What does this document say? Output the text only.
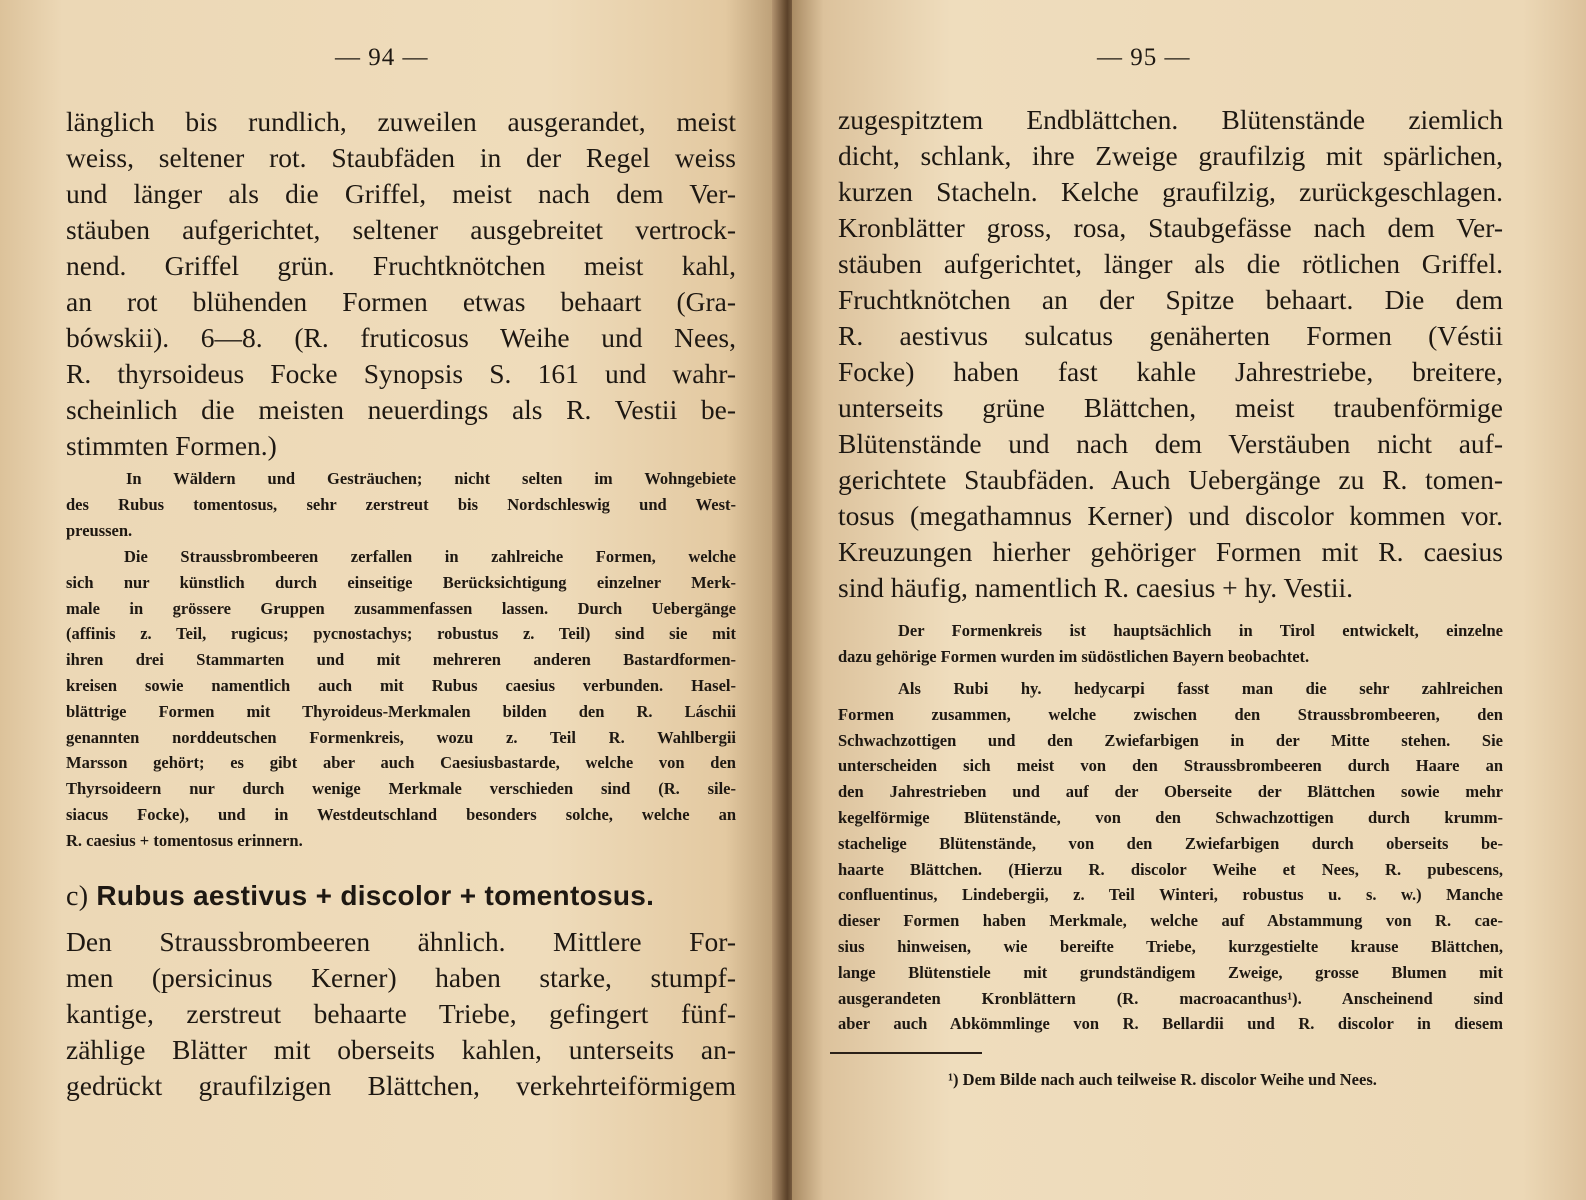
— 94 —
länglich bis rundlich, zuweilen ausgerandet, meist
weiss, seltener rot. Staubfäden in der Regel weiss
und länger als die Griffel, meist nach dem Ver-
stäuben aufgerichtet, seltener ausgebreitet vertrock-
nend. Griffel grün. Fruchtknötchen meist kahl,
an rot blühenden Formen etwas behaart (Gra-
bówskii). 6—8. (R. fruticosus Weihe und Nees,
R. thyrsoideus Focke Synopsis S. 161 und wahr-
scheinlich die meisten neuerdings als R. Vestii be-
stimmten Formen.)
In Wäldern und Gesträuchen; nicht selten im Wohngebiete
des Rubus tomentosus, sehr zerstreut bis Nordschleswig und West-
preussen.
Die Straussbrombeeren zerfallen in zahlreiche Formen, welche
sich nur künstlich durch einseitige Berücksichtigung einzelner Merk-
male in grössere Gruppen zusammenfassen lassen. Durch Uebergänge
(affinis z. Teil, rugicus; pycnostachys; robustus z. Teil) sind sie mit
ihren drei Stammarten und mit mehreren anderen Bastardformen-
kreisen sowie namentlich auch mit Rubus caesius verbunden. Hasel-
blättrige Formen mit Thyroideus-Merkmalen bilden den R. Láschii
genannten norddeutschen Formenkreis, wozu z. Teil R. Wahlbergii
Marsson gehört; es gibt aber auch Caesiusbastarde, welche von den
Thyrsoideern nur durch wenige Merkmale verschieden sind (R. sile-
siacus Focke), und in Westdeutschland besonders solche, welche an
R. caesius + tomentosus erinnern.
c) Rubus aestivus + discolor + tomentosus.
Den Straussbrombeeren ähnlich. Mittlere For-
men (persicinus Kerner) haben starke, stumpf-
kantige, zerstreut behaarte Triebe, gefingert fünf-
zählige Blätter mit oberseits kahlen, unterseits an-
gedrückt graufilzigen Blättchen, verkehrteiförmigem
— 95 —
zugespitztem Endblättchen. Blütenstände ziemlich
dicht, schlank, ihre Zweige graufilzig mit spärlichen,
kurzen Stacheln. Kelche graufilzig, zurückgeschlagen.
Kronblätter gross, rosa, Staubgefässe nach dem Ver-
stäuben aufgerichtet, länger als die rötlichen Griffel.
Fruchtknötchen an der Spitze behaart. Die dem
R. aestivus sulcatus genäherten Formen (Véstii
Focke) haben fast kahle Jahrestriebe, breitere,
unterseits grüne Blättchen, meist traubenförmige
Blütenstände und nach dem Verstäuben nicht auf-
gerichtete Staubfäden. Auch Uebergänge zu R. tomen-
tosus (megathamnus Kerner) und discolor kommen vor.
Kreuzungen hierher gehöriger Formen mit R. caesius
sind häufig, namentlich R. caesius + hy. Vestii.
Der Formenkreis ist hauptsächlich in Tirol entwickelt, einzelne
dazu gehörige Formen wurden im südöstlichen Bayern beobachtet.
Als Rubi hy. hedycarpi fasst man die sehr zahlreichen
Formen zusammen, welche zwischen den Straussbrombeeren, den
Schwachzottigen und den Zwiefarbigen in der Mitte stehen. Sie
unterscheiden sich meist von den Straussbrombeeren durch Haare an
den Jahrestrieben und auf der Oberseite der Blättchen sowie mehr
kegelförmige Blütenstände, von den Schwachzottigen durch krumm-
stachelige Blütenstände, von den Zwiefarbigen durch oberseits be-
haarte Blättchen. (Hierzu R. discolor Weihe et Nees, R. pubescens,
confluentinus, Lindebergii, z. Teil Winteri, robustus u. s. w.) Manche
dieser Formen haben Merkmale, welche auf Abstammung von R. cae-
sius hinweisen, wie bereifte Triebe, kurzgestielte krause Blättchen,
lange Blütenstiele mit grundständigem Zweige, grosse Blumen mit
ausgerandeten Kronblättern (R. macroacanthus¹). Anscheinend sind
aber auch Abkömmlinge von R. Bellardii und R. discolor in diesem
¹) Dem Bilde nach auch teilweise R. discolor Weihe und Nees.
